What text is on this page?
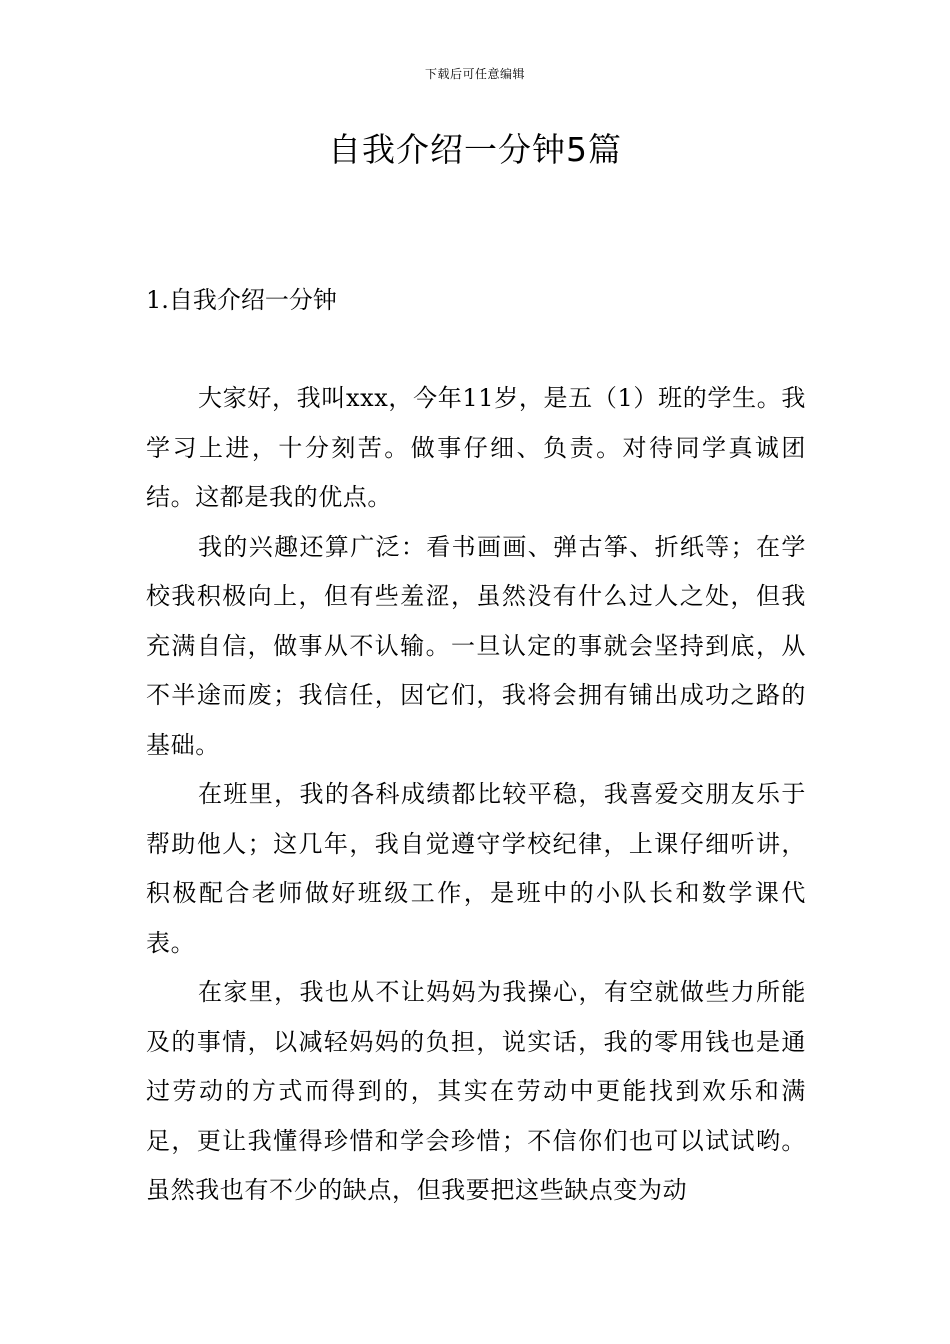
下载后可任意编辑
自我介绍一分钟5篇
1.自我介绍一分钟

大家好，我叫xxx，今年11岁，是五（1）班的学生。我学习上进，十分刻苦。做事仔细、负责。对待同学真诚团结。这都是我的优点。

我的兴趣还算广泛：看书画画、弹古筝、折纸等；在学校我积极向上，但有些羞涩，虽然没有什么过人之处，但我充满自信，做事从不认输。一旦认定的事就会坚持到底，从不半途而废；我信任，因它们，我将会拥有铺出成功之路的基础。

在班里，我的各科成绩都比较平稳，我喜爱交朋友乐于帮助他人；这几年，我自觉遵守学校纪律，上课仔细听讲，积极配合老师做好班级工作，是班中的小队长和数学课代表。

在家里，我也从不让妈妈为我操心，有空就做些力所能及的事情，以减轻妈妈的负担，说实话，我的零用钱也是通过劳动的方式而得到的，其实在劳动中更能找到欢乐和满足，更让我懂得珍惜和学会珍惜；不信你们也可以试试哟。虽然我也有不少的缺点，但我要把这些缺点变为动
